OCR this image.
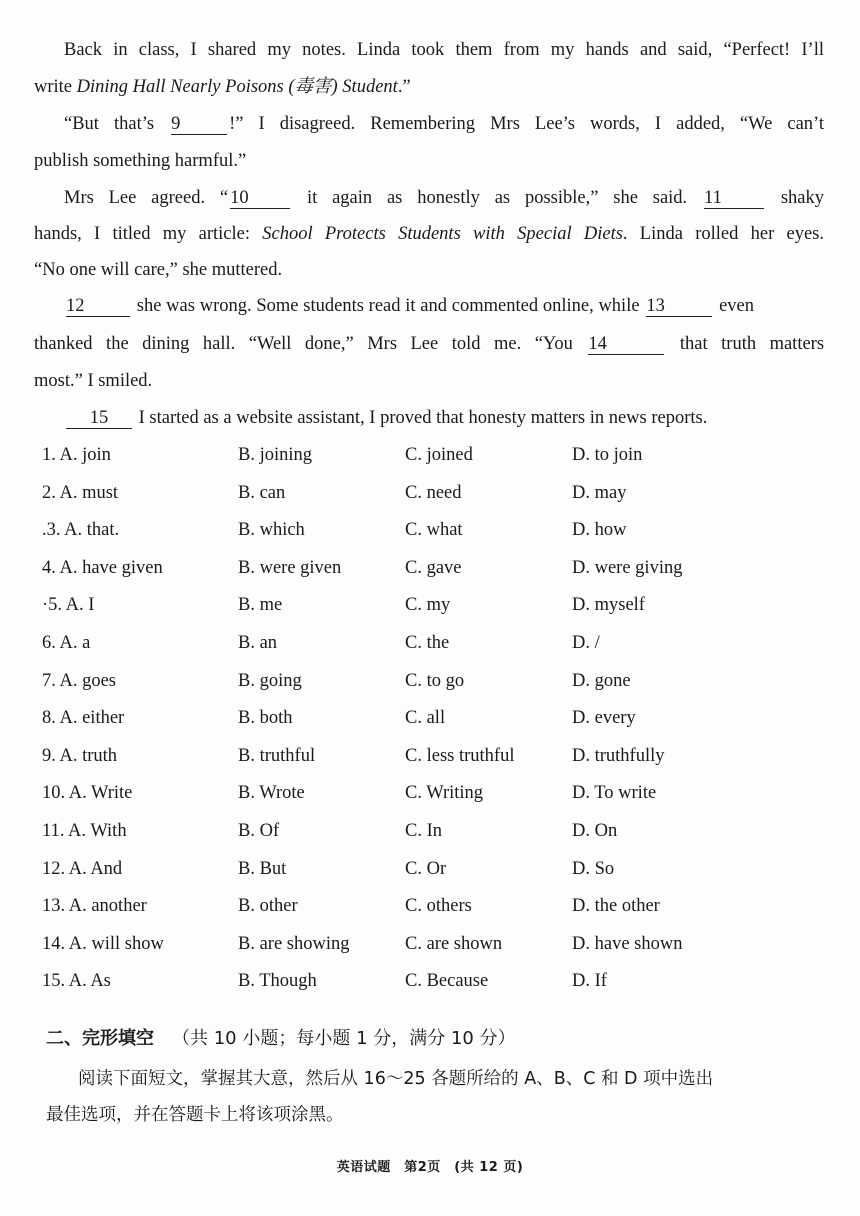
Back in class, I shared my notes. Linda took them from my hands and said, “Perfect! I’ll
write Dining Hall Nearly Poisons (毒害) Student.”
“But that’s 9	!” I disagreed. Remembering Mrs Lee’s words, I added, “We can’t
publish something harmful.”
Mrs Lee agreed. “ 10	it again as honestly as possible,” she said. 11	shaky
hands, I titled my article: School Protects Students with Special Diets. Linda rolled her eyes.
“No one will care,” she muttered.
12	she was wrong. Some students read it and commented online, while 13	even
thanked the dining hall. “Well done,” Mrs Lee told me. “You 14	that truth matters
most.” I smiled.
15 I started as a website assistant, I proved that honesty matters in news reports.
1. A. join	B. joining	C. joined	D. to join
2. A. must	B. can	C. need	D. may
.3. A. that.	B. which	C. what	D. how
4. A. have given	B. were given	C. gave	D. were giving
·5. A. I	B. me	C. my	D. myself
6. A. a	B. an	C. the	D. /
7. A. goes	B. going	C. to go	D. gone
8. A. either	B. both	C. all	D. every
9. A. truth	B. truthful	C. less truthful	D. truthfully
10. A. Write	B. Wrote	C. Writing	D. To write
11. A. With	B. Of	C. In	D. On
12. A. And	B. But	C. Or	D. So
13. A. another	B. other	C. others	D. the other
14. A. will show	B. are showing	C. are shown	D. have shown
15. A. As	B. Though	C. Because	D. If
二、完形填空 （共 10 小题；每小题 1 分，满分 10 分）
阅读下面短文，掌握其大意，然后从 16～25 各题所给的 A、B、C 和 D 项中选出
最佳选项，并在答题卡上将该项涂黑。
英语试题　第2页　(共 12 页)
